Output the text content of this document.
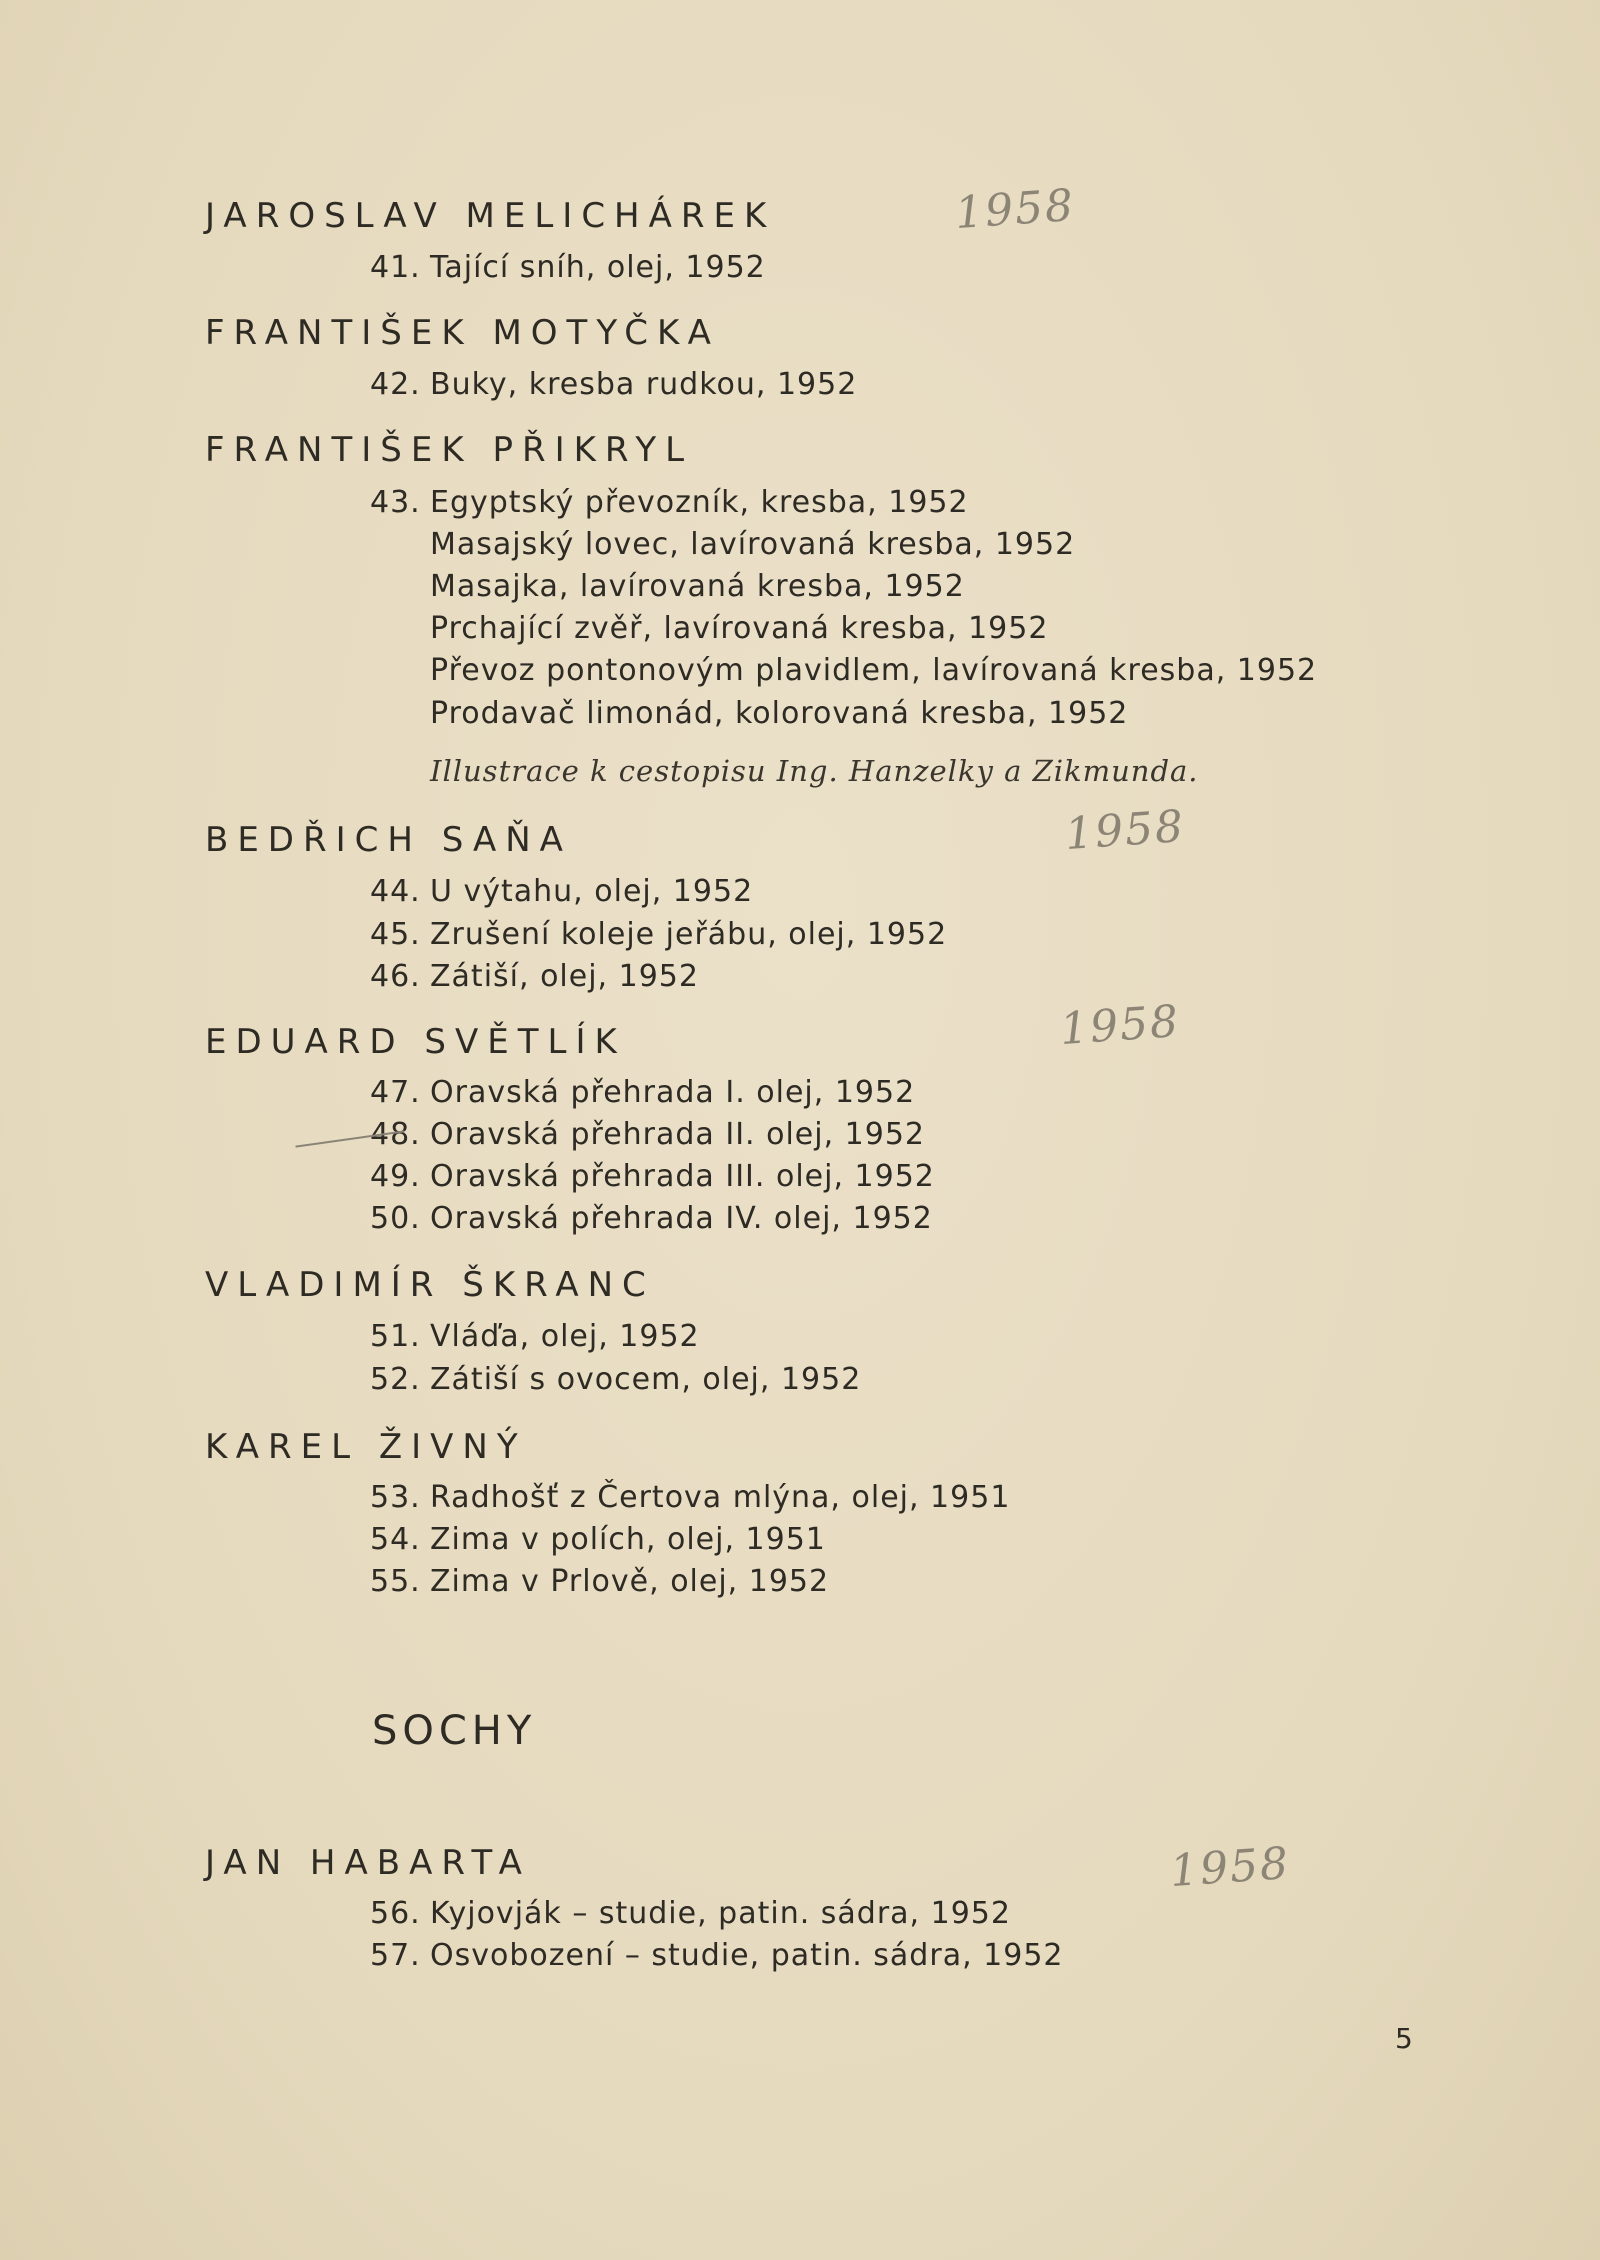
JAROSLAV MELICHÁREK
41. Tající sníh, olej, 1952
FRANTIŠEK MOTYČKA
42. Buky, kresba rudkou, 1952
FRANTIŠEK PŘIKRYL
43. Egyptský převozník, kresba, 1952
Masajský lovec, lavírovaná kresba, 1952
Masajka, lavírovaná kresba, 1952
Prchající zvěř, lavírovaná kresba, 1952
Převoz pontonovým plavidlem, lavírovaná kresba, 1952
Prodavač limonád, kolorovaná kresba, 1952
Illustrace k cestopisu Ing. Hanzelky a Zikmunda.
BEDŘICH SAŇA
44. U výtahu, olej, 1952
45. Zrušení koleje jeřábu, olej, 1952
46. Zátiší, olej, 1952
EDUARD SVĚTLÍK
47. Oravská přehrada I. olej, 1952
48. Oravská přehrada II. olej, 1952
49. Oravská přehrada III. olej, 1952
50. Oravská přehrada IV. olej, 1952
VLADIMÍR ŠKRANC
51. Vláďa, olej, 1952
52. Zátiší s ovocem, olej, 1952
KAREL ŽIVNÝ
53. Radhošť z Čertova mlýna, olej, 1951
54. Zima v polích, olej, 1951
55. Zima v Prlově, olej, 1952
SOCHY
JAN HABARTA
56. Kyjovják – studie, patin. sádra, 1952
57. Osvobození – studie, patin. sádra, 1952
1958
1958
1958
1958
5
